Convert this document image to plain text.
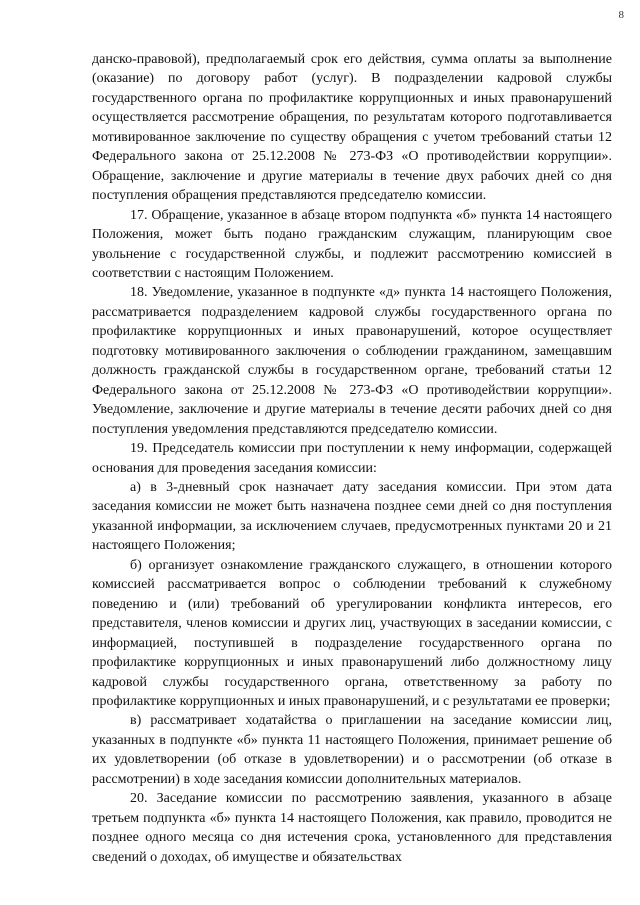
8

данско-правовой), предполагаемый срок его действия, сумма оплаты за выполнение (оказание) по договору работ (услуг). В подразделении кадровой службы государственного органа по профилактике коррупционных и иных правонарушений осуществляется рассмотрение обращения, по результатам которого подготавливается мотивированное заключение по существу обращения с учетом требований статьи 12 Федерального закона от 25.12.2008 № 273-ФЗ «О противодействии коррупции». Обращение, заключение и другие материалы в течение двух рабочих дней со дня поступления обращения представляются председателю комиссии.

17. Обращение, указанное в абзаце втором подпункта «б» пункта 14 настоящего Положения, может быть подано гражданским служащим, планирующим свое увольнение с государственной службы, и подлежит рассмотрению комиссией в соответствии с настоящим Положением.

18. Уведомление, указанное в подпункте «д» пункта 14 настоящего Положения, рассматривается подразделением кадровой службы государственного органа по профилактике коррупционных и иных правонарушений, которое осуществляет подготовку мотивированного заключения о соблюдении гражданином, замещавшим должность гражданской службы в государственном органе, требований статьи 12 Федерального закона от 25.12.2008 № 273-ФЗ «О противодействии коррупции». Уведомление, заключение и другие материалы в течение десяти рабочих дней со дня поступления уведомления представляются председателю комиссии.

19. Председатель комиссии при поступлении к нему информации, содержащей основания для проведения заседания комиссии:

а) в 3-дневный срок назначает дату заседания комиссии. При этом дата заседания комиссии не может быть назначена позднее семи дней со дня поступления указанной информации, за исключением случаев, предусмотренных пунктами 20 и 21 настоящего Положения;

б) организует ознакомление гражданского служащего, в отношении которого комиссией рассматривается вопрос о соблюдении требований к служебному поведению и (или) требований об урегулировании конфликта интересов, его представителя, членов комиссии и других лиц, участвующих в заседании комиссии, с информацией, поступившей в подразделение государственного органа по профилактике коррупционных и иных правонарушений либо должностному лицу кадровой службы государственного органа, ответственному за работу по профилактике коррупционных и иных правонарушений, и с результатами ее проверки;

в) рассматривает ходатайства о приглашении на заседание комиссии лиц, указанных в подпункте «б» пункта 11 настоящего Положения, принимает решение об их удовлетворении (об отказе в удовлетворении) и о рассмотрении (об отказе в рассмотрении) в ходе заседания комиссии дополнительных материалов.

20. Заседание комиссии по рассмотрению заявления, указанного в абзаце третьем подпункта «б» пункта 14 настоящего Положения, как правило, проводится не позднее одного месяца со дня истечения срока, установленного для представления сведений о доходах, об имуществе и обязательствах
